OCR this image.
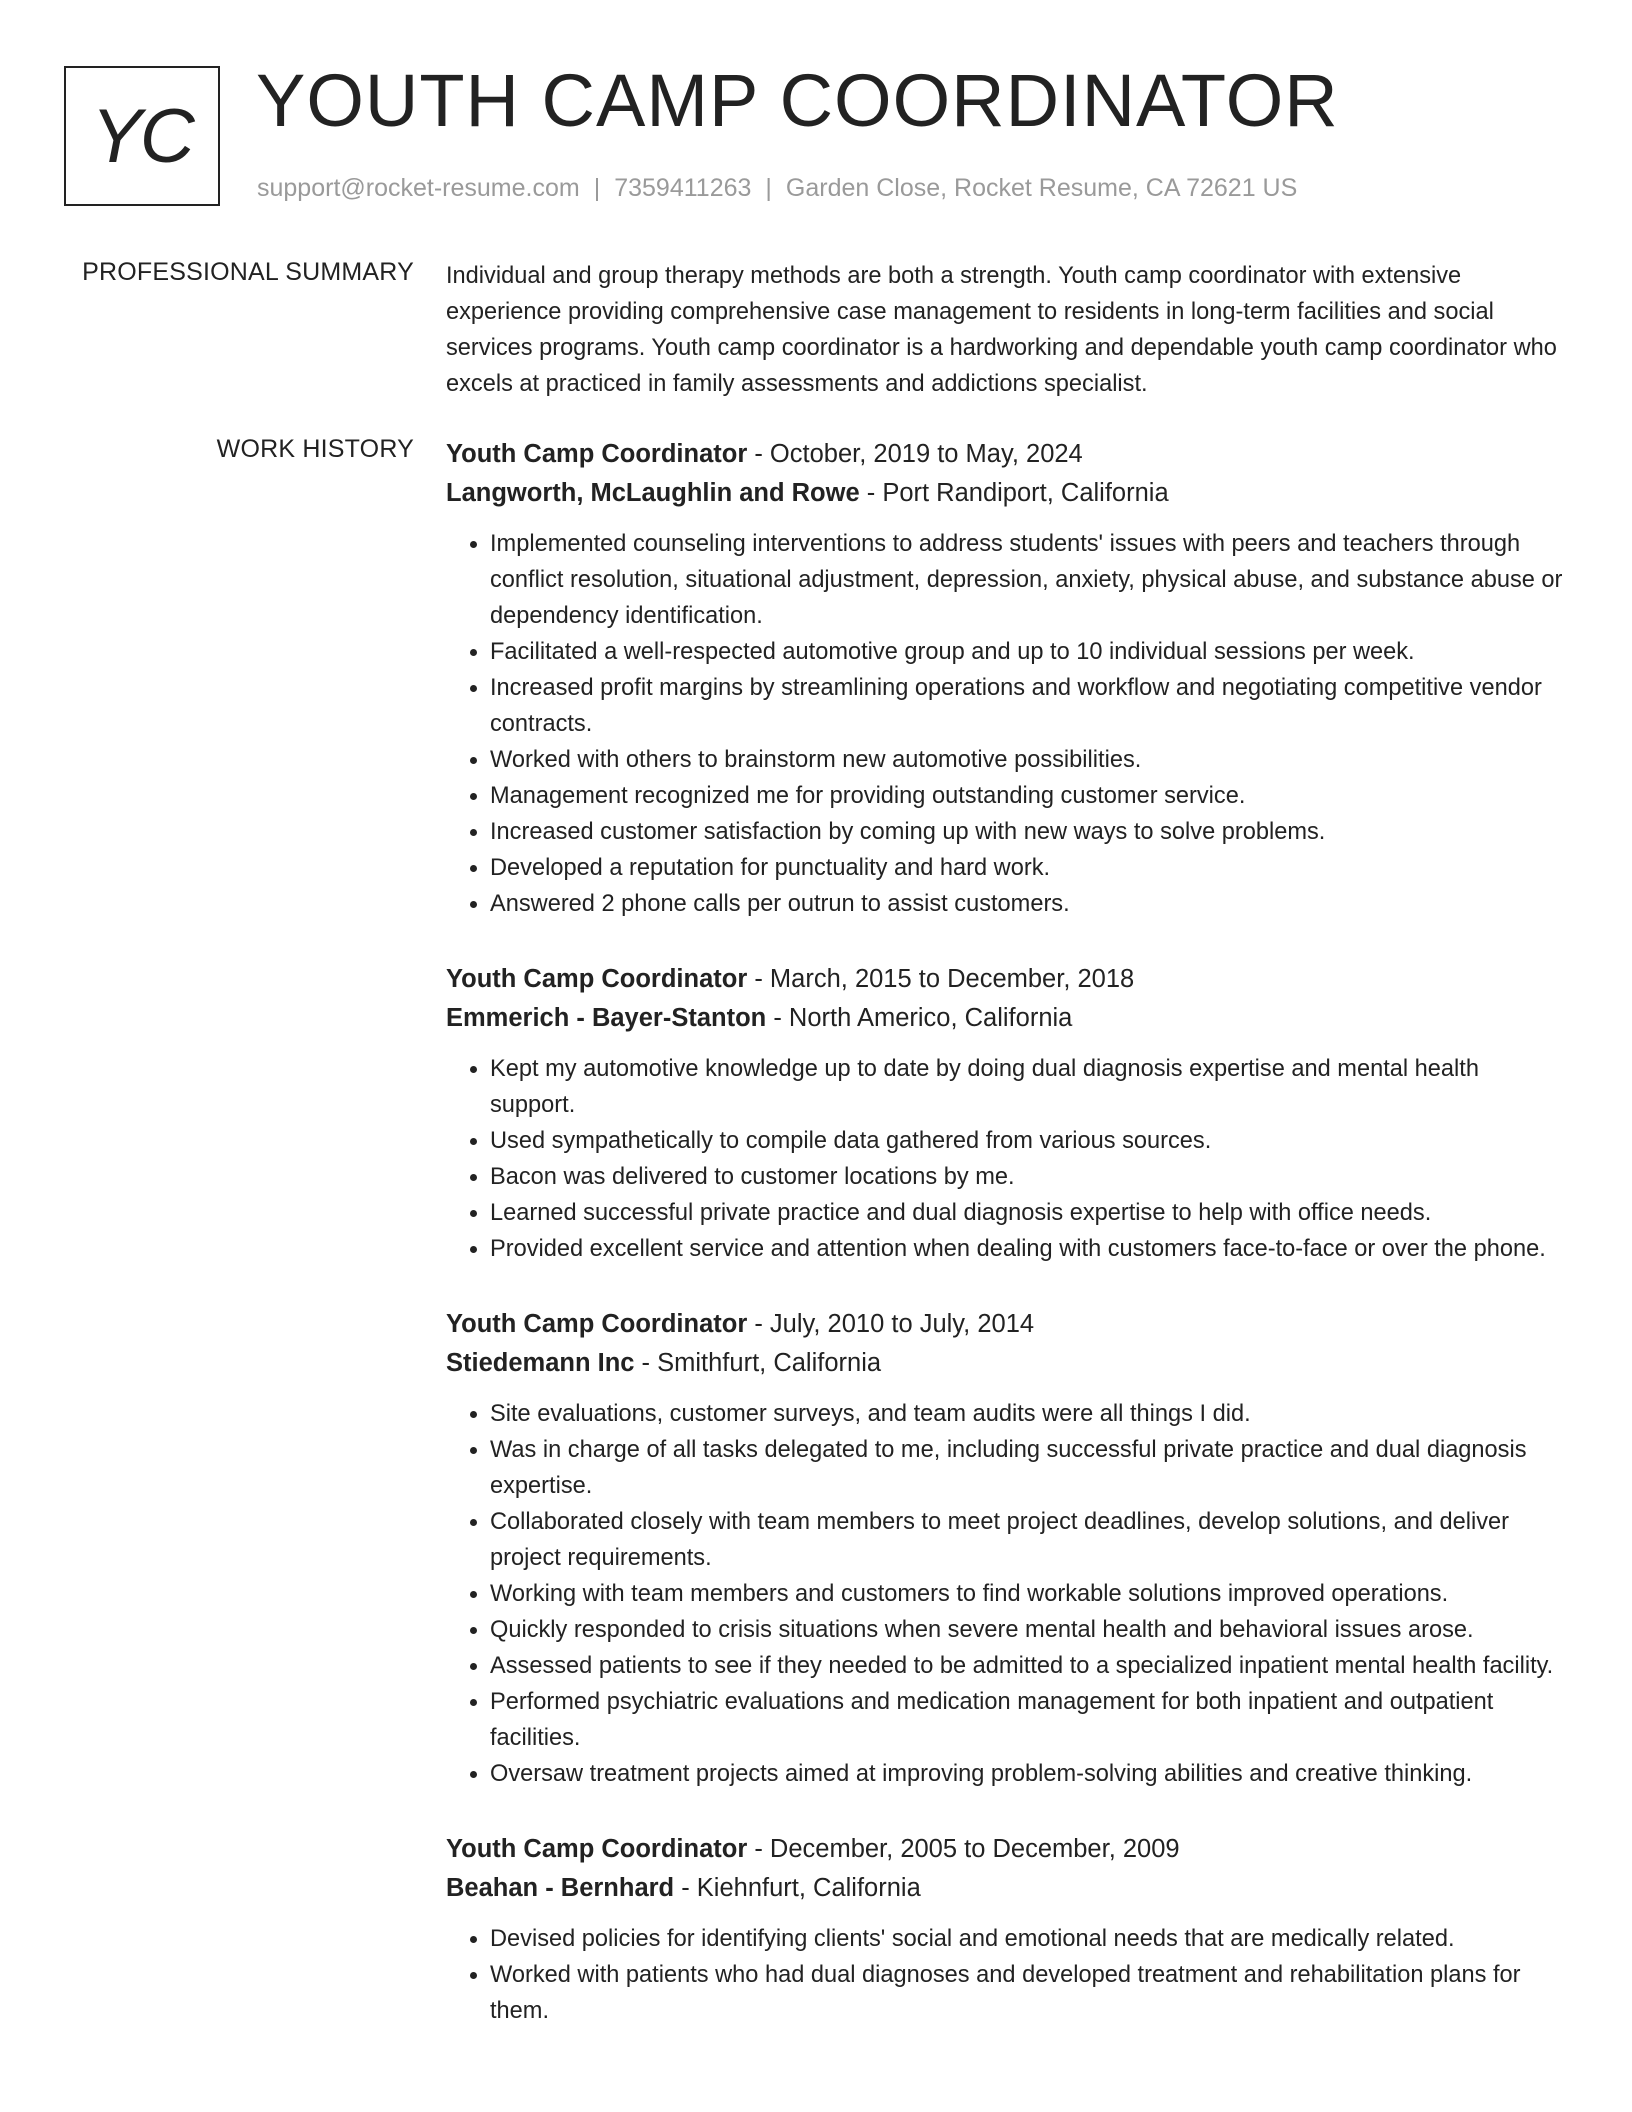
YC YOUTH CAMP COORDINATOR
support@rocket-resume.com | 7359411263 | Garden Close, Rocket Resume, CA 72621 US
PROFESSIONAL SUMMARY Individual and group therapy methods are both a strength. Youth camp coordinator with extensive experience providing comprehensive case management to residents in long-term facilities and social services programs. Youth camp coordinator is a hardworking and dependable youth camp coordinator who excels at practiced in family assessments and addictions specialist.
WORK HISTORY Youth Camp Coordinator - October, 2019 to May, 2024
Langworth, McLaughlin and Rowe - Port Randiport, California
• Implemented counseling interventions to address students' issues with peers and teachers through conflict resolution, situational adjustment, depression, anxiety, physical abuse, and substance abuse or dependency identification.
• Facilitated a well-respected automotive group and up to 10 individual sessions per week.
• Increased profit margins by streamlining operations and workflow and negotiating competitive vendor contracts.
• Worked with others to brainstorm new automotive possibilities.
• Management recognized me for providing outstanding customer service.
• Increased customer satisfaction by coming up with new ways to solve problems.
• Developed a reputation for punctuality and hard work.
• Answered 2 phone calls per outrun to assist customers.
Youth Camp Coordinator - March, 2015 to December, 2018
Emmerich - Bayer-Stanton - North Americo, California
• Kept my automotive knowledge up to date by doing dual diagnosis expertise and mental health support.
• Used sympathetically to compile data gathered from various sources.
• Bacon was delivered to customer locations by me.
• Learned successful private practice and dual diagnosis expertise to help with office needs.
• Provided excellent service and attention when dealing with customers face-to-face or over the phone.
Youth Camp Coordinator - July, 2010 to July, 2014
Stiedemann Inc - Smithfurt, California
• Site evaluations, customer surveys, and team audits were all things I did.
• Was in charge of all tasks delegated to me, including successful private practice and dual diagnosis expertise.
• Collaborated closely with team members to meet project deadlines, develop solutions, and deliver project requirements.
• Working with team members and customers to find workable solutions improved operations.
• Quickly responded to crisis situations when severe mental health and behavioral issues arose.
• Assessed patients to see if they needed to be admitted to a specialized inpatient mental health facility.
• Performed psychiatric evaluations and medication management for both inpatient and outpatient facilities.
• Oversaw treatment projects aimed at improving problem-solving abilities and creative thinking.
Youth Camp Coordinator - December, 2005 to December, 2009
Beahan - Bernhard - Kiehnfurt, California
• Devised policies for identifying clients' social and emotional needs that are medically related.
• Worked with patients who had dual diagnoses and developed treatment and rehabilitation plans for them.
